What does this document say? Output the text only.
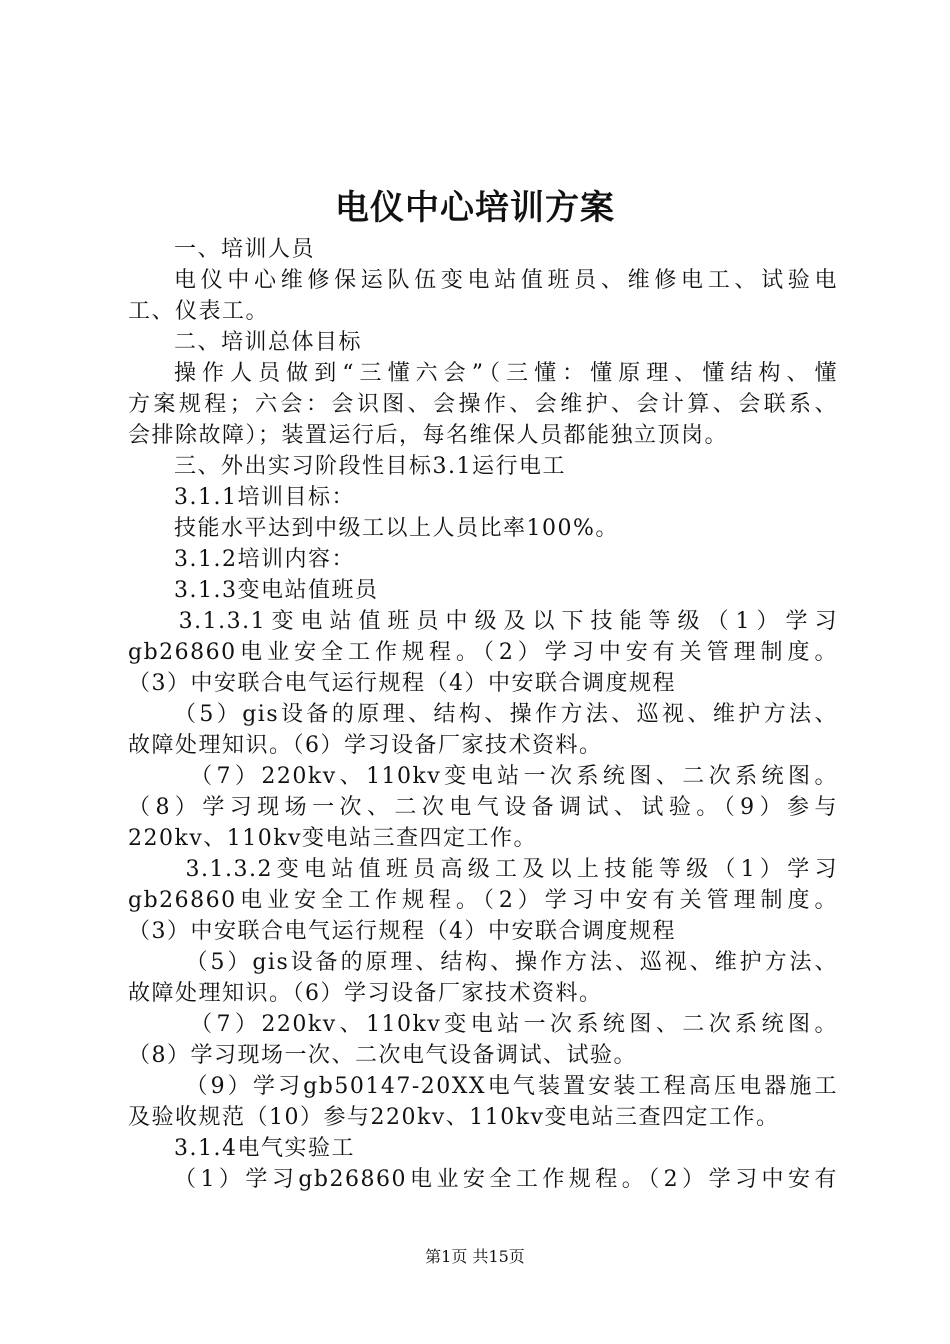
电仪中心培训方案
一、培训人员
电仪中心维修保运队伍变电站值班员、维修电工、试验电
工、仪表工。
二、培训总体目标
操作人员做到“三懂六会”（三懂：懂原理、懂结构、懂
方案规程；六会：会识图、会操作、会维护、会计算、会联系、
会排除故障）；装置运行后，每名维保人员都能独立顶岗。
三、外出实习阶段性目标3.1运行电工
3.1.1培训目标：
技能水平达到中级工以上人员比率100%。
3.1.2培训内容：
3.1.3变电站值班员
3.1.3.1变电站值班员中级及以下技能等级（1）学习
gb26860电业安全工作规程。（2）学习中安有关管理制度。
（3）中安联合电气运行规程（4）中安联合调度规程
（5）gis设备的原理、结构、操作方法、巡视、维护方法、
故障处理知识。（6）学习设备厂家技术资料。
（7）220kv、110kv变电站一次系统图、二次系统图。
（8）学习现场一次、二次电气设备调试、试验。（9）参与
220kv、110kv变电站三查四定工作。
3.1.3.2变电站值班员高级工及以上技能等级（1）学习
gb26860电业安全工作规程。（2）学习中安有关管理制度。
（3）中安联合电气运行规程（4）中安联合调度规程
（5）gis设备的原理、结构、操作方法、巡视、维护方法、
故障处理知识。（6）学习设备厂家技术资料。
（7）220kv、110kv变电站一次系统图、二次系统图。
（8）学习现场一次、二次电气设备调试、试验。
（9）学习gb50147-20XX电气装置安装工程高压电器施工
及验收规范（10）参与220kv、110kv变电站三查四定工作。
3.1.4电气实验工
（1）学习gb26860电业安全工作规程。（2）学习中安有
第1页 共15页
